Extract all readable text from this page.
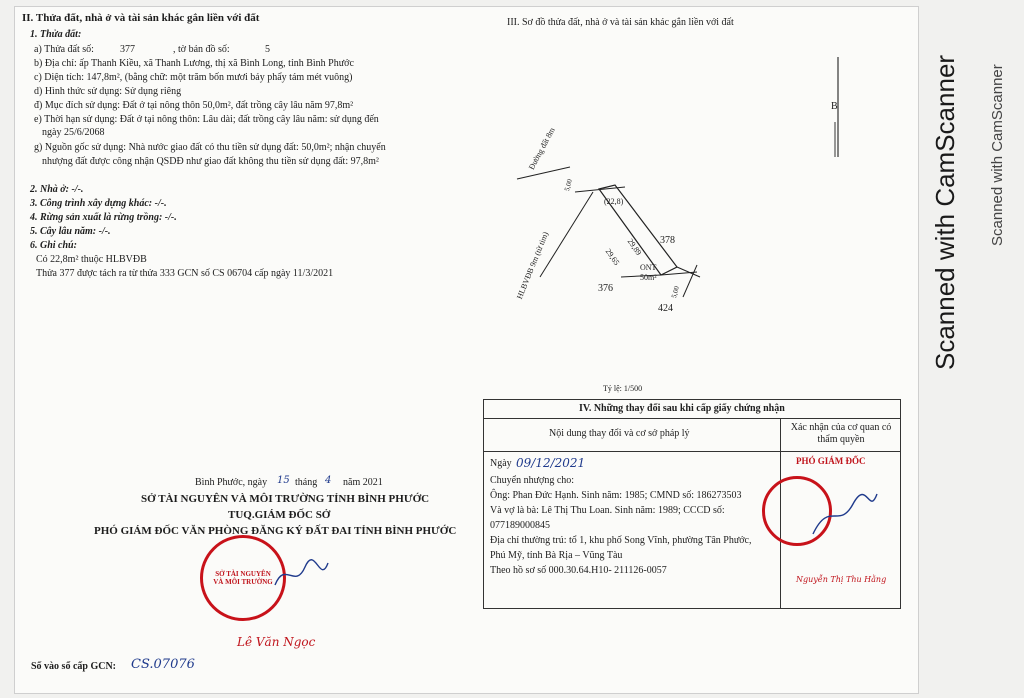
II. Thửa đất, nhà ở và tài sản khác gắn liền với đất
1. Thửa đất:
a) Thửa đất số:	377	, tờ bản đồ số:	5
b) Địa chỉ: ấp Thanh Kiều, xã Thanh Lương, thị xã Bình Long, tỉnh Bình Phước
c) Diện tích: 147,8m², (bằng chữ: một trăm bốn mươi bảy phẩy tám mét vuông)
d) Hình thức sử dụng: Sử dụng riêng
đ) Mục đích sử dụng: Đất ở tại nông thôn 50,0m², đất trồng cây lâu năm 97,8m²
e) Thời hạn sử dụng: Đất ở tại nông thôn: Lâu dài; đất trồng cây lâu năm: sử dụng đến
ngày 25/6/2068
g) Nguồn gốc sử dụng: Nhà nước giao đất có thu tiền sử dụng đất: 50,0m²; nhận chuyển
nhượng đất được công nhận QSDĐ như giao đất không thu tiền sử dụng đất: 97,8m²
2. Nhà ở: -/-.
3. Công trình xây dựng khác: -/-.
4. Rừng sản xuất là rừng trồng: -/-.
5. Cây lâu năm: -/-.
6. Ghi chú:
Có 22,8m² thuộc HLBVĐB
Thửa 377 được tách ra từ thửa 333 GCN số CS 06704 cấp ngày 11/3/2021
III. Sơ đồ thửa đất, nhà ở và tài sản khác gắn liền với đất
B
Đường đất 8m
HLBVĐB 9m (từ tim)
(22,8)
378
376
424
ONT
50m²
29,89
29,65
5,00
5,00
Tỷ lệ: 1/500
Bình Phước, ngày 15 tháng 4 năm 2021
SỞ TÀI NGUYÊN VÀ MÔI TRƯỜNG TỈNH BÌNH PHƯỚC
TUQ.GIÁM ĐỐC SỞ
PHÓ GIÁM ĐỐC VĂN PHÒNG ĐĂNG KÝ ĐẤT ĐAI TỈNH BÌNH PHƯỚC
SỞ TÀI NGUYÊN VÀ MÔI TRƯỜNG
Lê Văn Ngọc
Số vào sổ cấp GCN: CS.07076
IV. Những thay đổi sau khi cấp giấy chứng nhận
Nội dung thay đổi và cơ sở pháp lý
Xác nhận của cơ quan có thẩm quyền
Ngày 09/12/2021
Chuyển nhượng cho:
Ông: Phan Đức Hạnh. Sinh năm: 1985; CMND số: 186273503
Và vợ là bà: Lê Thị Thu Loan. Sinh năm: 1989; CCCD số:
077189000845
Địa chỉ thường trú: tổ 1, khu phố Song Vĩnh, phường Tân Phước,
Phú Mỹ, tỉnh Bà Rịa – Vũng Tàu
Theo hồ sơ số 000.30.64.H10- 211126-0057
PHÓ GIÁM ĐỐC
Nguyễn Thị Thu Hằng
Scanned with CamScanner Scanned with CamScanner
